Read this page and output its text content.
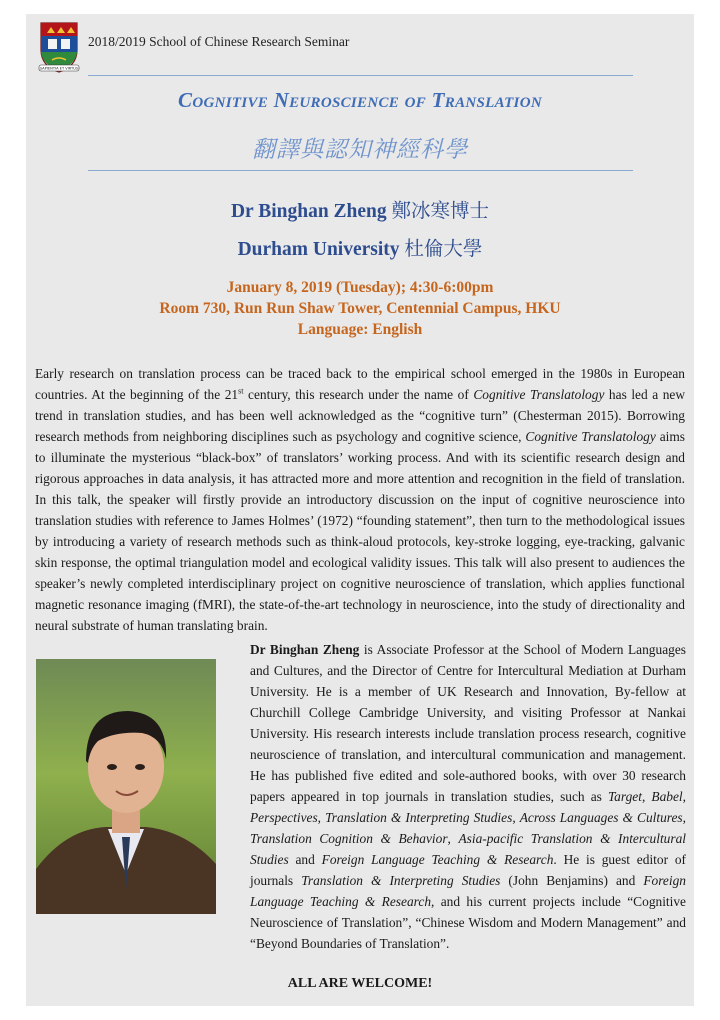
SAPIENTIA ET VIRTUS
2018/2019 School of Chinese Research Seminar
Cognitive Neuroscience of Translation
翻譯與認知神經科學
Dr Binghan Zheng 鄭冰寒博士
Durham University 杜倫大學
January 8, 2019 (Tuesday); 4:30-6:00pm
Room 730, Run Run Shaw Tower, Centennial Campus, HKU
Language: English

Early research on translation process can be traced back to the empirical school emerged in the 1980s in European countries. At the beginning of the 21st century, this research under the name of Cognitive Translatology has led a new trend in translation studies, and has been well acknowledged as the “cognitive turn” (Chesterman 2015). Borrowing research methods from neighboring disciplines such as psychology and cognitive science, Cognitive Translatology aims to illuminate the mysterious “black-box” of translators’ working process. And with its scientific research design and rigorous approaches in data analysis, it has attracted more and more attention and recognition in the field of translation. In this talk, the speaker will firstly provide an introductory discussion on the input of cognitive neuroscience into translation studies with reference to James Holmes’ (1972) “founding statement”, then turn to the methodological issues by introducing a variety of research methods such as think-aloud protocols, key-stroke logging, eye-tracking, galvanic skin response, the optimal triangulation model and ecological validity issues. This talk will also present to audiences the speaker’s newly completed interdisciplinary project on cognitive neuroscience of translation, which applies functional magnetic resonance imaging (fMRI), the state-of-the-art technology in neuroscience, into the study of directionality and neural substrate of human translating brain.

Dr Binghan Zheng is Associate Professor at the School of Modern Languages and Cultures, and the Director of Centre for Intercultural Mediation at Durham University. He is a member of UK Research and Innovation, By-fellow at Churchill College Cambridge University, and visiting Professor at Nankai University. His research interests include translation process research, cognitive neuroscience of translation, and intercultural communication and management. He has published five edited and sole-authored books, with over 30 research papers appeared in top journals in translation studies, such as Target, Babel, Perspectives, Translation & Interpreting Studies, Across Languages & Cultures, Translation Cognition & Behavior, Asia-pacific Translation & Intercultural Studies and Foreign Language Teaching & Research. He is guest editor of journals Translation & Interpreting Studies (John Benjamins) and Foreign Language Teaching & Research, and his current projects include “Cognitive Neuroscience of Translation”, “Chinese Wisdom and Modern Management” and “Beyond Boundaries of Translation”.

ALL ARE WELCOME!
